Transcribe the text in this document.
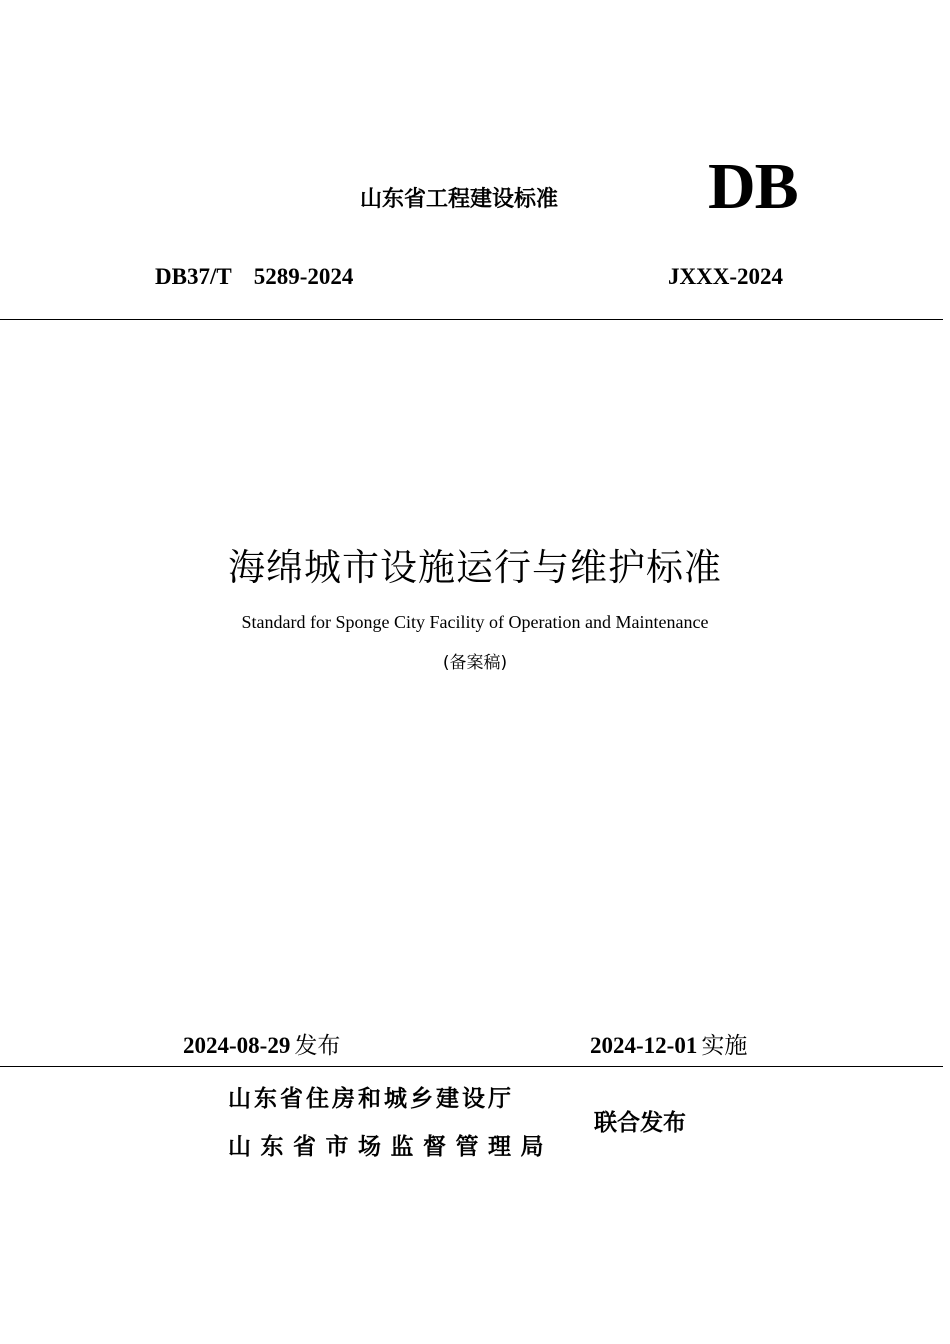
山东省工程建设标准 DB
DB37/T 5289-2024	JXXX-2024
海绵城市设施运行与维护标准
Standard for Sponge City Facility of Operation and Maintenance
(备案稿)
2024-08-29 发布	2024-12-01 实施
山东省住房和城乡建设厅
山东省市场监督管理局
联合发布
